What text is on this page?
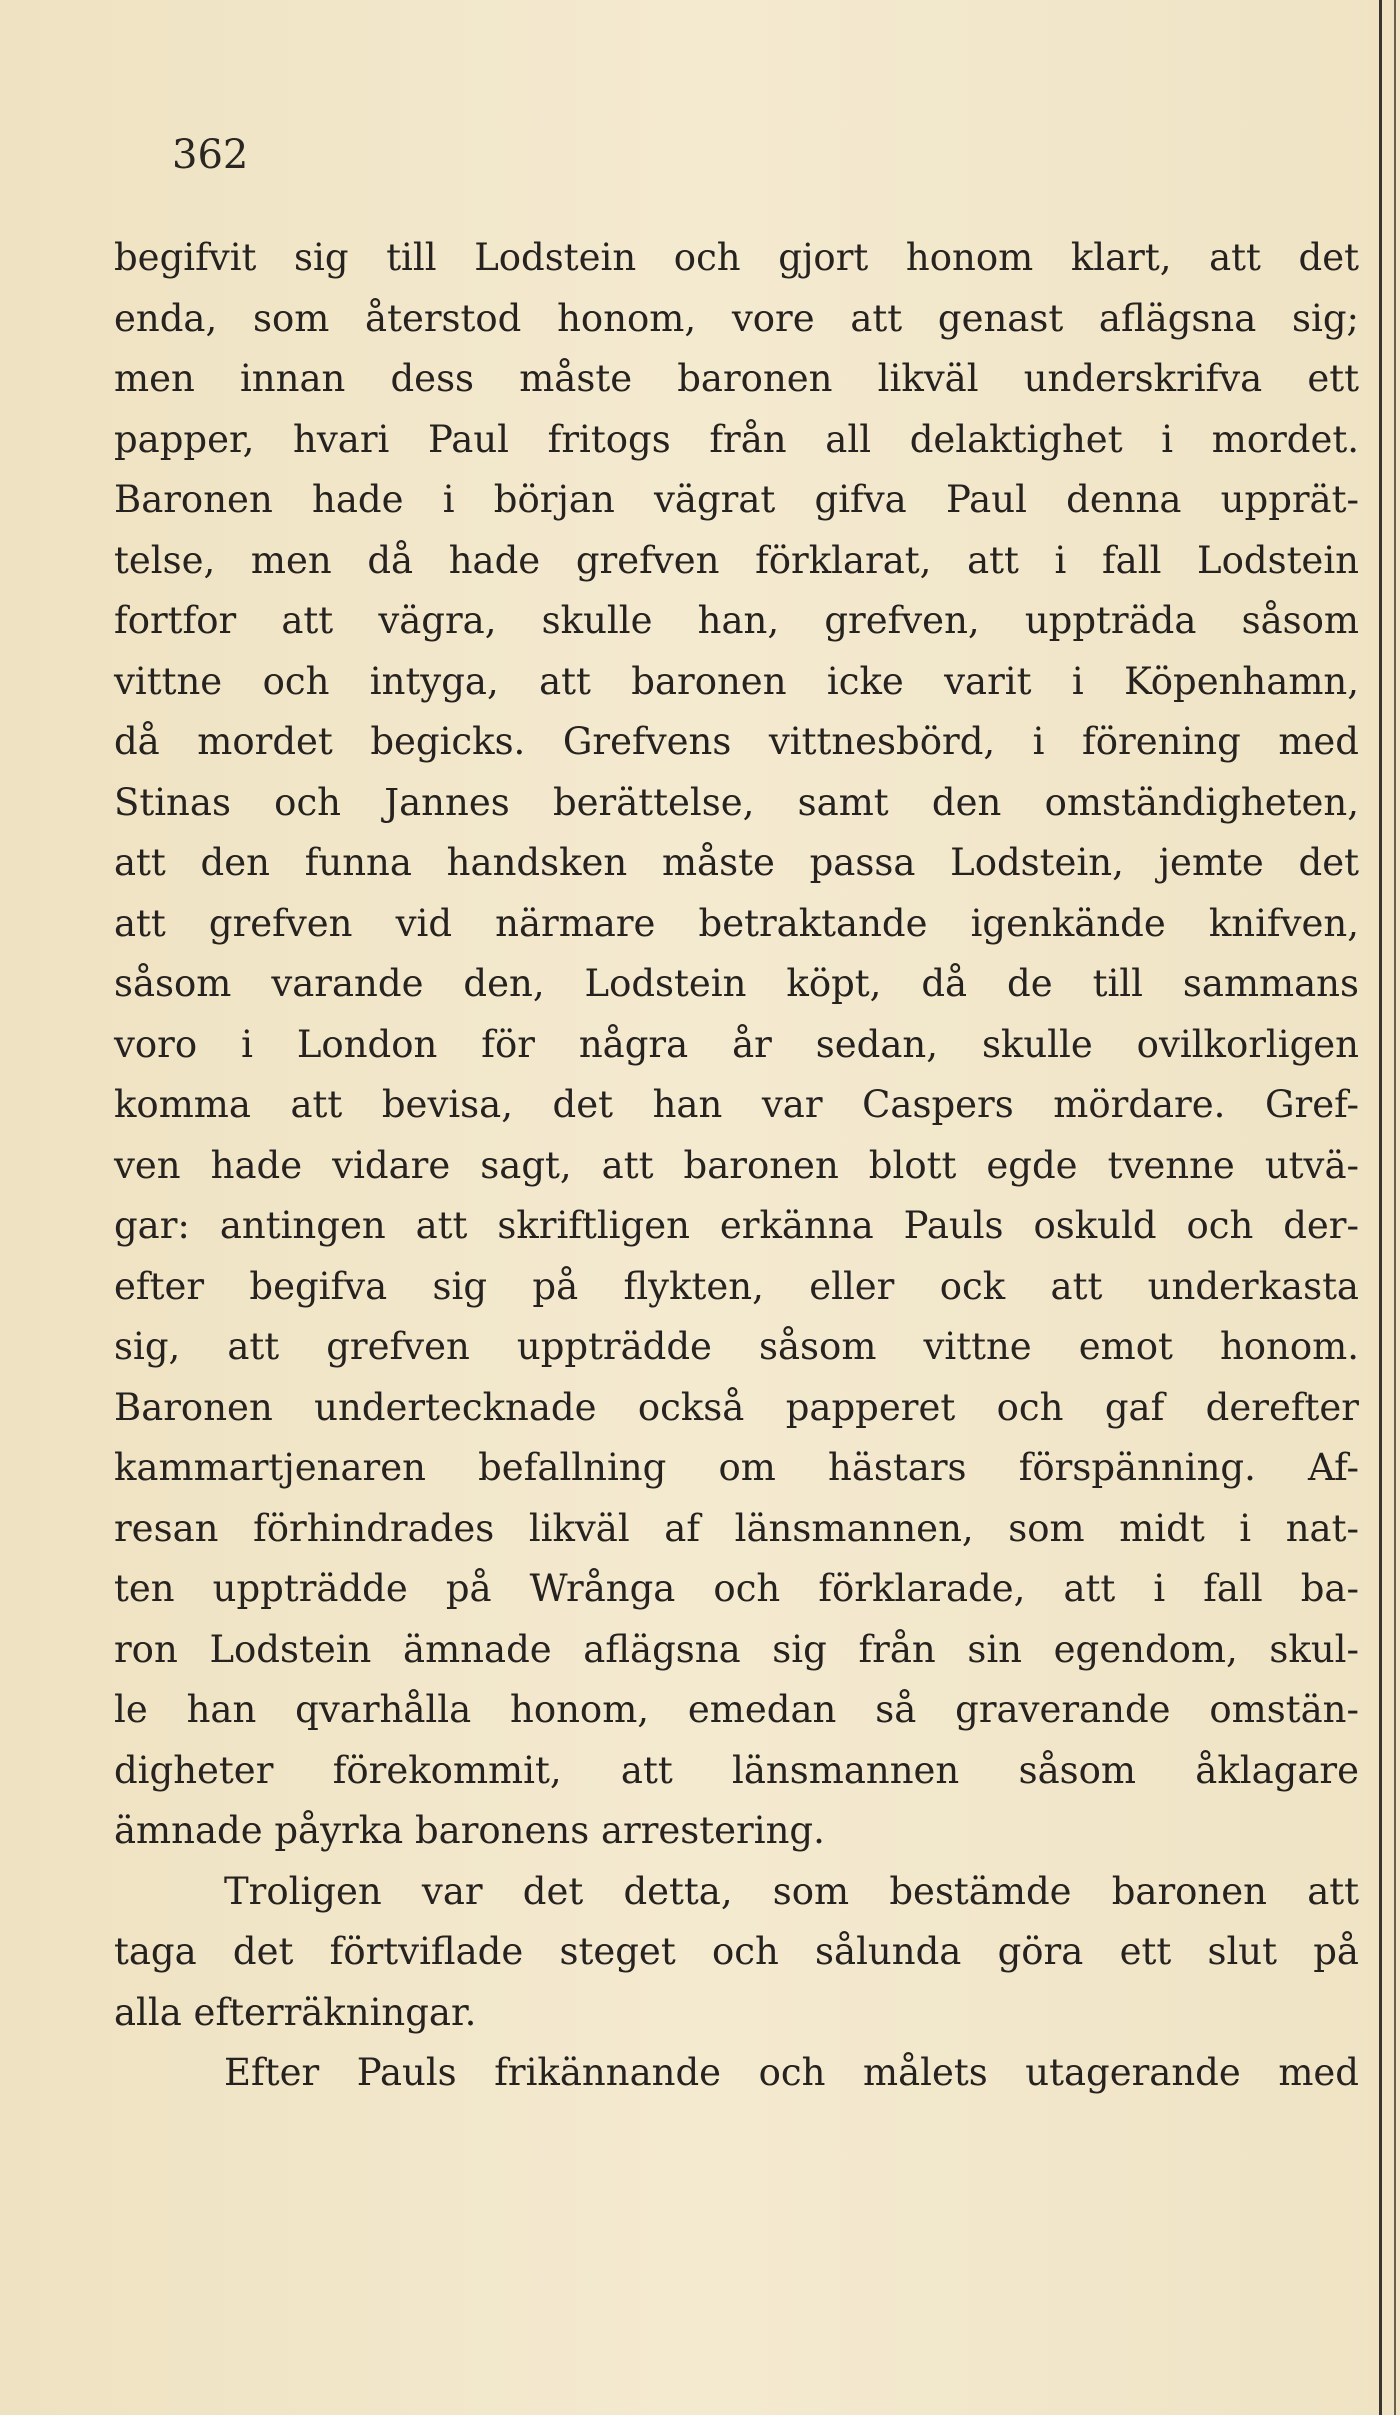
362
begifvit sig till Lodstein och gjort honom klart, att det
enda, som återstod honom, vore att genast aflägsna sig;
men innan dess måste baronen likväl underskrifva ett
papper, hvari Paul fritogs från all delaktighet i mordet.
Baronen hade i början vägrat gifva Paul denna upprät-
telse, men då hade grefven förklarat, att i fall Lodstein
fortfor att vägra, skulle han, grefven, uppträda såsom
vittne och intyga, att baronen icke varit i Köpenhamn,
då mordet begicks. Grefvens vittnesbörd, i förening med
Stinas och Jannes berättelse, samt den omständigheten,
att den funna handsken måste passa Lodstein, jemte det
att grefven vid närmare betraktande igenkände knifven,
såsom varande den, Lodstein köpt, då de till sammans
voro i London för några år sedan, skulle ovilkorligen
komma att bevisa, det han var Caspers mördare. Gref-
ven hade vidare sagt, att baronen blott egde tvenne utvä-
gar: antingen att skriftligen erkänna Pauls oskuld och der-
efter begifva sig på flykten, eller ock att underkasta
sig, att grefven uppträdde såsom vittne emot honom.
Baronen undertecknade också papperet och gaf derefter
kammartjenaren befallning om hästars förspänning. Af-
resan förhindrades likväl af länsmannen, som midt i nat-
ten uppträdde på Wrånga och förklarade, att i fall ba-
ron Lodstein ämnade aflägsna sig från sin egendom, skul-
le han qvarhålla honom, emedan så graverande omstän-
digheter förekommit, att länsmannen såsom åklagare
ämnade påyrka baronens arrestering.
Troligen var det detta, som bestämde baronen att
taga det förtviflade steget och sålunda göra ett slut på
alla efterräkningar.
Efter Pauls frikännande och målets utagerande med
